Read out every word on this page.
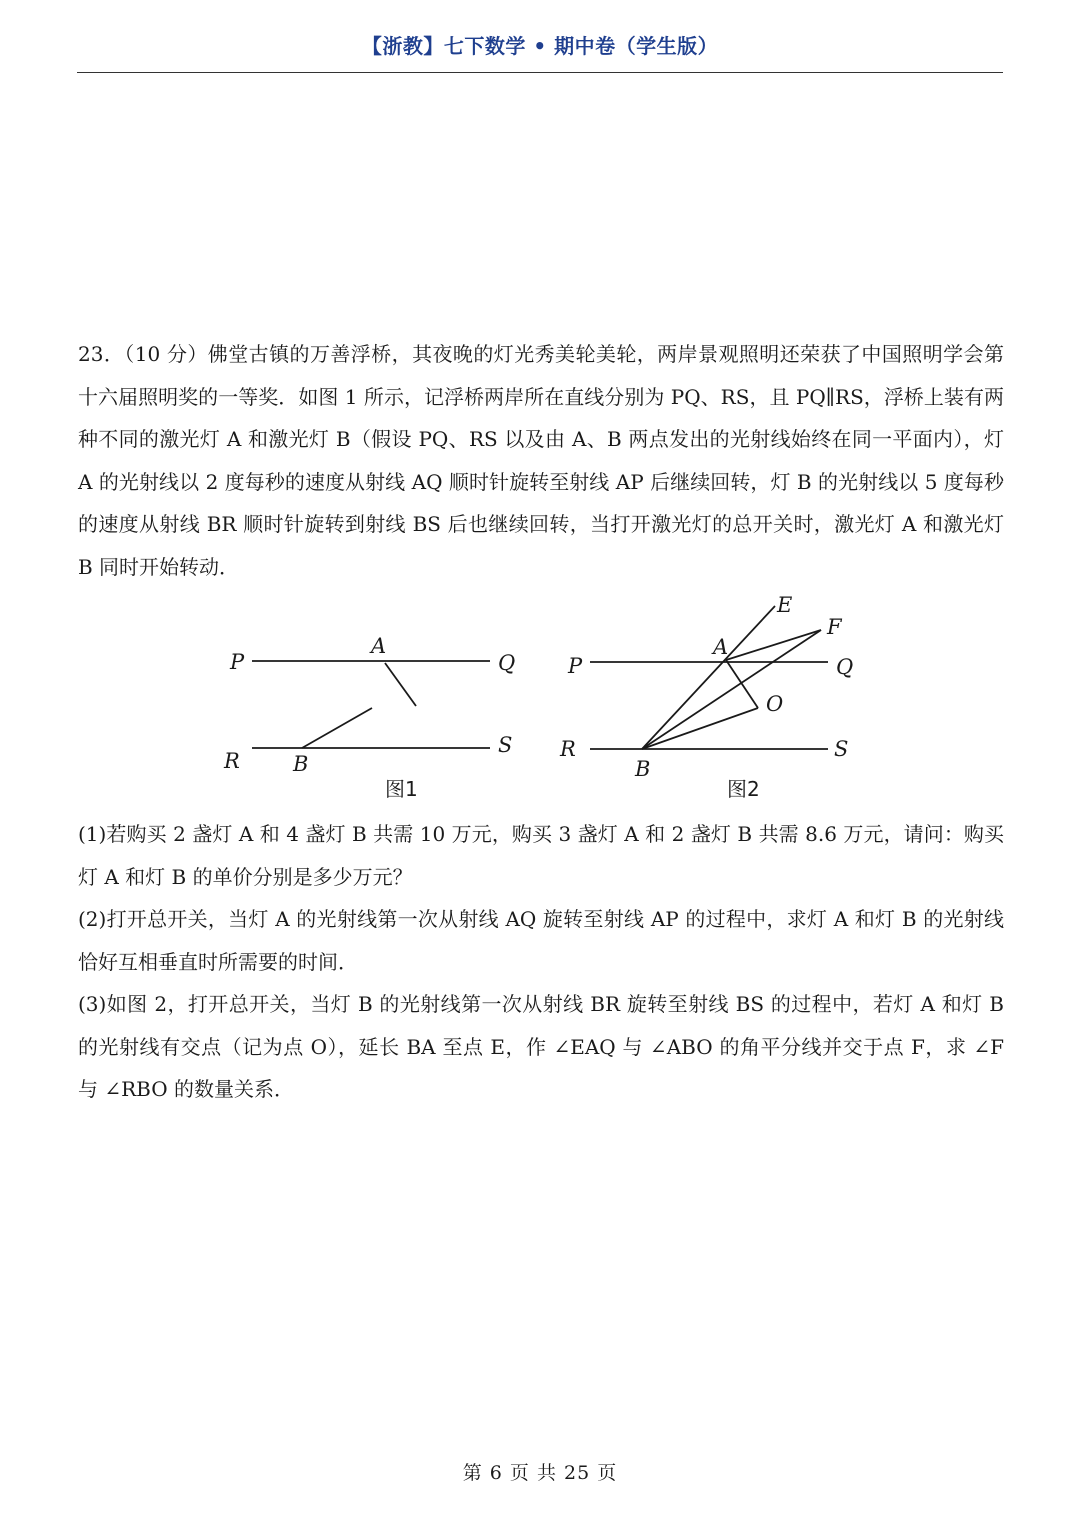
【浙教】七下数学 • 期中卷（学生版）
23．（10 分）佛堂古镇的万善浮桥，其夜晚的灯光秀美轮美轮，两岸景观照明还荣获了中国照明学会第十六届照明奖的一等奖．如图 1 所示，记浮桥两岸所在直线分别为 PQ、RS，且 PQ∥RS，浮桥上装有两种不同的激光灯 A 和激光灯 B（假设 PQ、RS 以及由 A、B 两点发出的光射线始终在同一平面内），灯 A 的光射线以 2 度每秒的速度从射线 AQ 顺时针旋转至射线 AP 后继续回转，灯 B 的光射线以 5 度每秒的速度从射线 BR 顺时针旋转到射线 BS 后也继续回转，当打开激光灯的总开关时，激光灯 A 和激光灯 B 同时开始转动．
P
A
Q
R	B
S
图1
E
F
A
P	Q
O
R
B
S
图2

(1)若购买 2 盏灯 A 和 4 盏灯 B 共需 10 万元，购买 3 盏灯 A 和 2 盏灯 B 共需 8.6 万元，请问：购买灯 A 和灯 B 的单价分别是多少万元？

(2)打开总开关，当灯 A 的光射线第一次从射线 AQ 旋转至射线 AP 的过程中，求灯 A 和灯 B 的光射线恰好互相垂直时所需要的时间．

(3)如图 2，打开总开关，当灯 B 的光射线第一次从射线 BR 旋转至射线 BS 的过程中，若灯 A 和灯 B 的光射线有交点（记为点 O），延长 BA 至点 E，作 ∠EAQ 与 ∠ABO 的角平分线并交于点 F，求 ∠F 与 ∠RBO 的数量关系．

第 6 页 共 25 页
